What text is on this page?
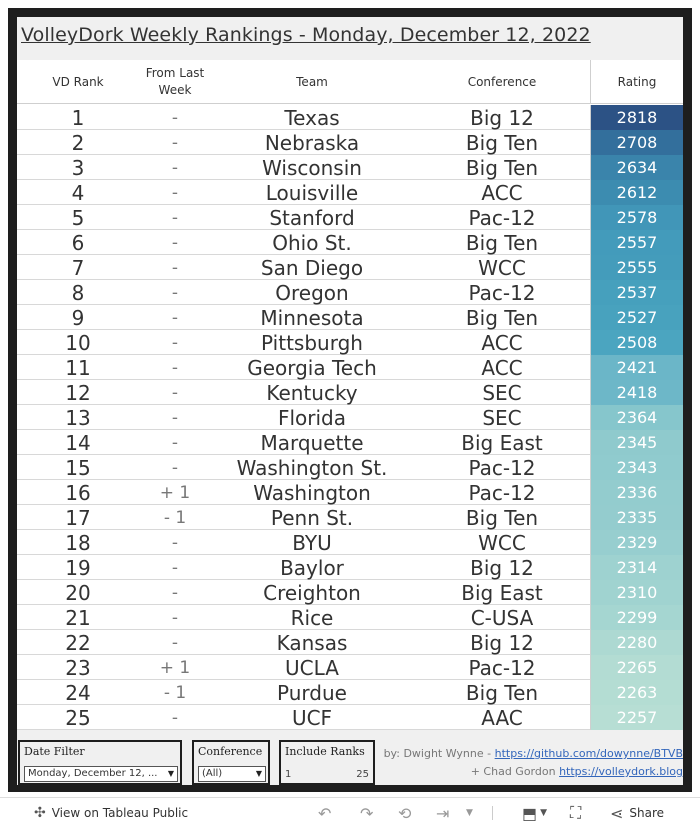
VolleyDork Weekly Rankings - Monday, December 12, 2022
VD Rank
From Last Week
Team	Conference	Rating
1	-	Texas	Big 12	2818
2	-	Nebraska	Big Ten	2708
3	-	Wisconsin	Big Ten	2634
4	-	Louisville	ACC	2612
5	-	Stanford	Pac-12	2578
6	-	Ohio St.	Big Ten	2557
7	-	San Diego	WCC	2555
8	-	Oregon	Pac-12	2537
9	-	Minnesota	Big Ten	2527
10	-	Pittsburgh	ACC	2508
11	-	Georgia Tech	ACC	2421
12	-	Kentucky	SEC	2418
13	-	Florida	SEC	2364
14	-	Marquette	Big East	2345
15	-	Washington St.	Pac-12	2343
16	+ 1	Washington	Pac-12	2336
17	- 1	Penn St.	Big Ten	2335
18	-	BYU	WCC	2329
19	-	Baylor	Big 12	2314
20	-	Creighton	Big East	2310
21	-	Rice	C-USA	2299
22	-	Kansas	Big 12	2280
23	+ 1	UCLA	Pac-12	2265
24	- 1	Purdue	Big Ten	2263
25	-	UCF	AAC	2257
Date Filter
Monday, December 12, ... ▼
Conference
(All)	▼
Include Ranks
1	25
by: Dwight Wynne - https://github.com/dowynne/BTVB
+ Chad Gordon https://volleydork.blog
✣ View on Tableau Public	↶ ↷ ⟲ ⇥ ▼	⬒ ▼ ⛶ ⋖ Share
